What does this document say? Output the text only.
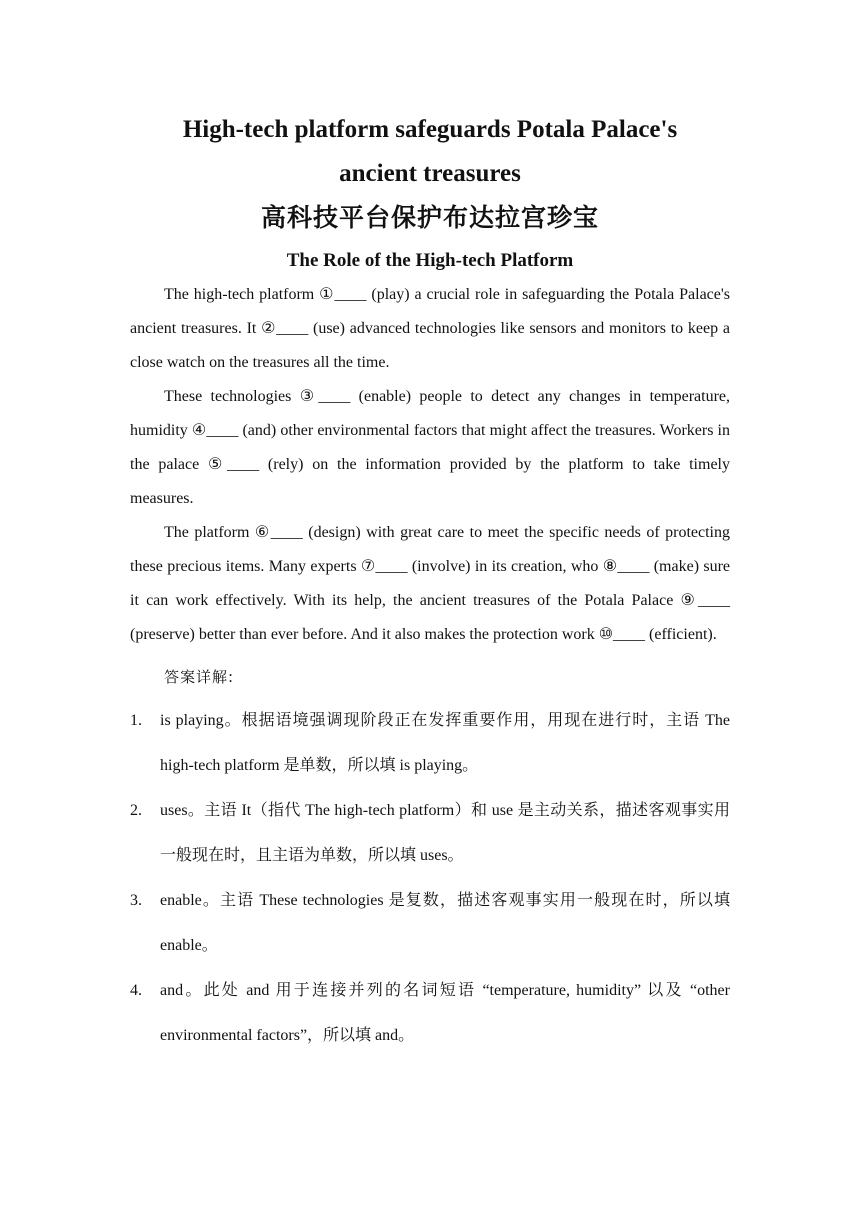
High-tech platform safeguards Potala Palace's
ancient treasures
高科技平台保护布达拉宫珍宝
The Role of the High-tech Platform

The high-tech platform ①____ (play) a crucial role in safeguarding the Potala Palace's ancient treasures. It ②____ (use) advanced technologies like sensors and monitors to keep a close watch on the treasures all the time.

These technologies ③____ (enable) people to detect any changes in temperature, humidity ④____ (and) other environmental factors that might affect the treasures. Workers in the palace ⑤____ (rely) on the information provided by the platform to take timely measures.

The platform ⑥____ (design) with great care to meet the specific needs of protecting these precious items. Many experts ⑦____ (involve) in its creation, who ⑧____ (make) sure it can work effectively. With its help, the ancient treasures of the Potala Palace ⑨____ (preserve) better than ever before. And it also makes the protection work ⑩____ (efficient).

答案详解:
1. is playing。根据语境强调现阶段正在发挥重要作用，用现在进行时，主语 The high-tech platform 是单数，所以填 is playing。
2. uses。主语 It（指代 The high-tech platform）和 use 是主动关系，描述客观事实用一般现在时，且主语为单数，所以填 uses。
3. enable。主语 These technologies 是复数，描述客观事实用一般现在时，所以填 enable。
4. and。此处 and 用于连接并列的名词短语 “temperature, humidity” 以及 “other environmental factors”，所以填 and。
